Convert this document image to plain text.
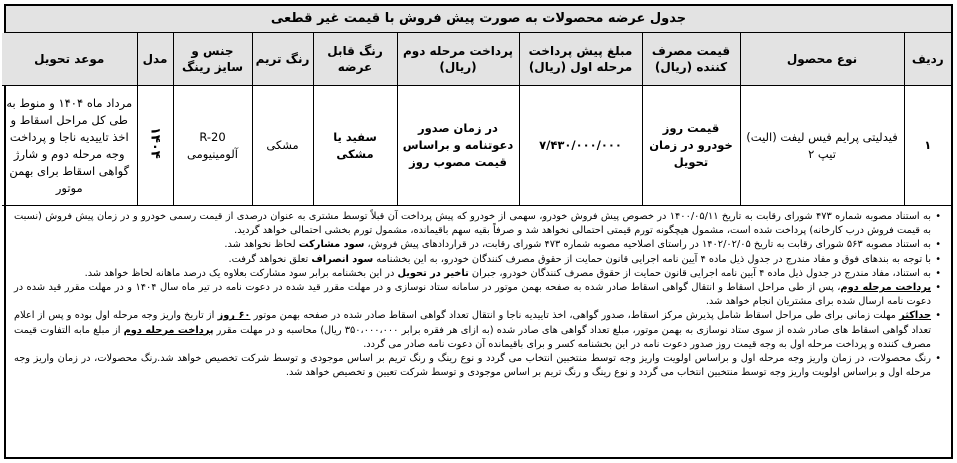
جدول عرضه محصولات به صورت پیش فروش با قیمت غیر قطعی
ردیف	نوع محصول	قیمت مصرف کننده (ریال)	مبلغ پیش پرداخت مرحله اول (ریال)	پرداخت مرحله دوم (ریال)	رنگ قابل عرضه	رنگ تریم	جنس و سایز رینگ	مدل	موعد تحویل
۱	فیدلیتی پرایم فیس لیفت (الیت) تیپ ۲	قیمت روز خودرو در زمان تحویل	۷/۴۳۰/۰۰۰/۰۰۰	در زمان صدور دعوتنامه و براساس قیمت مصوب روز	سفید یا مشکی	مشکی	R-20 آلومینیومی	۱۴۰۴	مرداد ماه ۱۴۰۴ و منوط به طی کل مراحل اسقاط و اخذ تاییدیه ناجا و پرداخت وجه مرحله دوم و شارژ گواهی اسقاط برای بهمن موتور

• به استناد مصوبه شماره ۴۷۳ شورای رقابت به تاریخ ۱۴۰۰/۰۵/۱۱ در خصوص پیش فروش خودرو، سهمی از خودرو که پیش پرداخت آن قبلاً توسط مشتری به عنوان درصدی از قیمت رسمی خودرو و در زمان پیش فروش (نسبت به قیمت فروش درب کارخانه) پرداخت شده است، مشمول هیچگونه تورم قیمتی احتمالی نخواهد شد و صرفاً بقیه سهم باقیمانده، مشمول تورم بخشی احتمالی خواهد گردید.

• به استناد مصوبه ۵۶۳ شورای رقابت به تاریخ ۱۴۰۲/۰۲/۰۵ در راستای اصلاحیه مصوبه شماره ۴۷۳ شورای رقابت، در قراردادهای پیش فروش، سود مشارکت لحاظ نخواهد شد.

• با توجه به بندهای فوق و مفاد مندرج در جدول ذیل ماده ۴ آیین نامه اجرایی قانون حمایت از حقوق مصرف کنندگان خودرو، به این بخشنامه سود انصراف تعلق نخواهد گرفت.

• به استناد، مفاد مندرج در جدول ذیل ماده ۴ آیین نامه اجرایی قانون حمایت از حقوق مصرف کنندگان خودرو، جبران تاخیر در تحویل در این بخشنامه برابر سود مشارکت بعلاوه یک درصد ماهانه لحاظ خواهد شد.

• پرداخت مرحله دوم، پس از طی مراحل اسقاط و انتقال گواهی اسقاط صادر شده به صفحه بهمن موتور در سامانه ستاد نوسازی و در مهلت مقرر قید شده در دعوت نامه در تیر ماه سال ۱۴۰۴ و در مهلت مقرر قید شده در دعوت نامه ارسال شده برای مشتریان انجام خواهد شد.

• حداکثر مهلت زمانی برای طی مراحل اسقاط شامل پذیرش مرکز اسقاط، صدور گواهی، اخذ تاییدیه ناجا و انتقال تعداد گواهی اسقاط صادر شده در صفحه بهمن موتور ۶۰ روز از تاریخ واریز وجه مرحله اول بوده و پس از اعلام تعداد گواهی اسقاط های صادر شده از سوی ستاد نوسازی به بهمن موتور، مبلغ تعداد گواهی های صادر شده (به ازای هر فقره برابر ۳۵۰،۰۰۰،۰۰۰ ریال) محاسبه و در مهلت مقرر پرداخت مرحله دوم از مبلغ مابه التفاوت قیمت مصرف کننده و پرداخت مرحله اول به وجه قیمت روز صدور دعوت نامه در این بخشنامه کسر و برای باقیمانده آن دعوت نامه صادر می گردد.

• رنگ محصولات، در زمان واریز وجه مرحله اول و براساس اولویت واریز وجه توسط منتخبین انتخاب می گردد و نوع رینگ و رنگ تریم بر اساس موجودی و توسط شرکت تخصیص خواهد شد.رنگ محصولات، در زمان واریز وجه مرحله اول و براساس اولویت واریز وجه توسط منتخبین انتخاب می گردد و نوع رینگ و رنگ تریم بر اساس موجودی و توسط شرکت تعیین و تخصیص خواهد شد.
